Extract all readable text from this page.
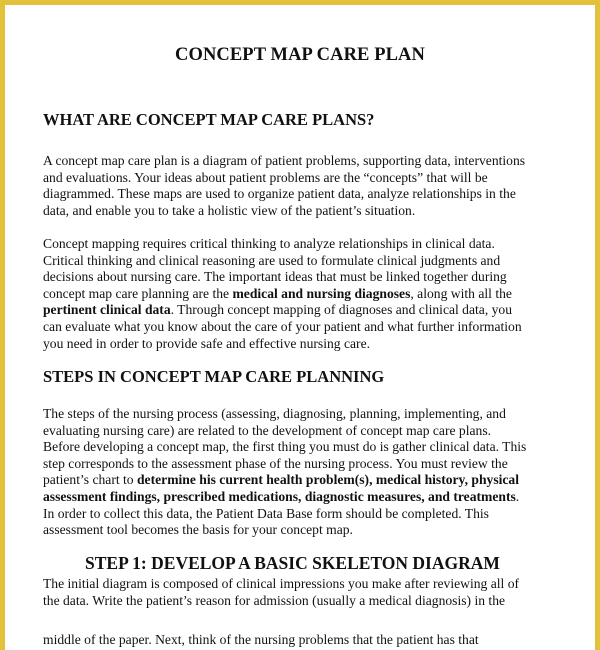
CONCEPT MAP CARE PLAN
WHAT ARE CONCEPT MAP CARE PLANS?
A concept map care plan is a diagram of patient problems, supporting data, interventions
and evaluations. Your ideas about patient problems are the “concepts” that will be
diagrammed. These maps are used to organize patient data, analyze relationships in the
data, and enable you to take a holistic view of the patient’s situation.
Concept mapping requires critical thinking to analyze relationships in clinical data.
Critical thinking and clinical reasoning are used to formulate clinical judgments and
decisions about nursing care. The important ideas that must be linked together during
concept map care planning are the medical and nursing diagnoses, along with all the
pertinent clinical data. Through concept mapping of diagnoses and clinical data, you
can evaluate what you know about the care of your patient and what further information
you need in order to provide safe and effective nursing care.
STEPS IN CONCEPT MAP CARE PLANNING
The steps of the nursing process (assessing, diagnosing, planning, implementing, and
evaluating nursing care) are related to the development of concept map care plans.
Before developing a concept map, the first thing you must do is gather clinical data. This
step corresponds to the assessment phase of the nursing process. You must review the
patient’s chart to determine his current health problem(s), medical history, physical
assessment findings, prescribed medications, diagnostic measures, and treatments.
In order to collect this data, the Patient Data Base form should be completed. This
assessment tool becomes the basis for your concept map.
STEP 1: DEVELOP A BASIC SKELETON DIAGRAM
The initial diagram is composed of clinical impressions you make after reviewing all of
the data. Write the patient’s reason for admission (usually a medical diagnosis) in the
middle of the paper. Next, think of the nursing problems that the patient has that
